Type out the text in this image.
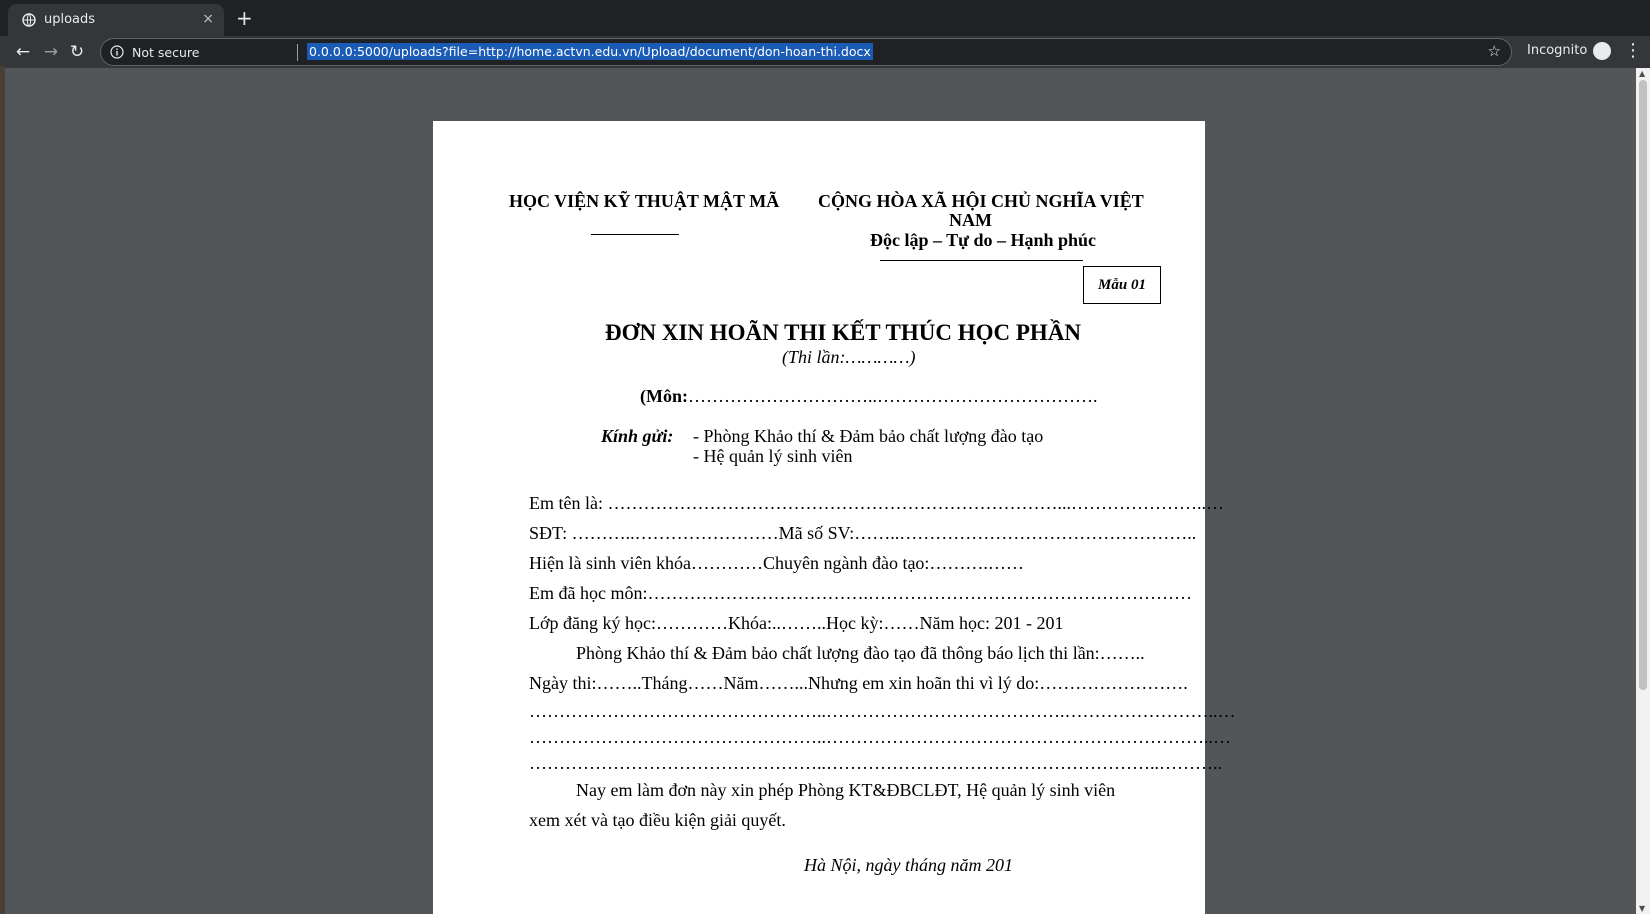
uploads	× +
← → ↻	Not secure	0.0.0.0:5000/uploads?file=http://home.actvn.edu.vn/Upload/document/don-hoan-thi.docx	☆ Incognito ⋮
HỌC VIỆN KỸ THUẬT MẬT MÃ CỘNG HÒA XÃ HỘI CHỦ NGHĨA VIỆT
NAM
Độc lập – Tự do – Hạnh phúc
Mẫu 01
ĐƠN XIN HOÃN THI KẾT THÚC HỌC PHẦN
(Thi lần:…………)
(Môn:…………………………..……………………………….
Kính gửi: - Phòng Khảo thí & Đảm bảo chất lượng đào tạo
- Hệ quản lý sinh viên
Em tên là: …………………………………………………………………...…………………..…
SĐT: ………..……………………Mã số SV:……..…………………………………………..
Hiện là sinh viên khóa…………Chuyên ngành đào tạo:……….……
Em đã học môn:……………………………….………………………………………………
Lớp đăng ký học:…………Khóa:..……..Học kỳ:……Năm học: 201 - 201
Phòng Khảo thí & Đảm bảo chất lượng đào tạo đã thông báo lịch thi lần:……..
Ngày thi:……..Tháng……Năm……...Nhưng em xin hoãn thi vì lý do:…………………….
…………………………………………..………………………………….……………………..…
…………………………………………..………………………………………………………..…
…………………………………………..………………………………………………..………..
Nay em làm đơn này xin phép Phòng KT&ĐBCLĐT, Hệ quản lý sinh viên
xem xét và tạo điều kiện giải quyết.
Hà Nội, ngày tháng năm 201
▲
▼
